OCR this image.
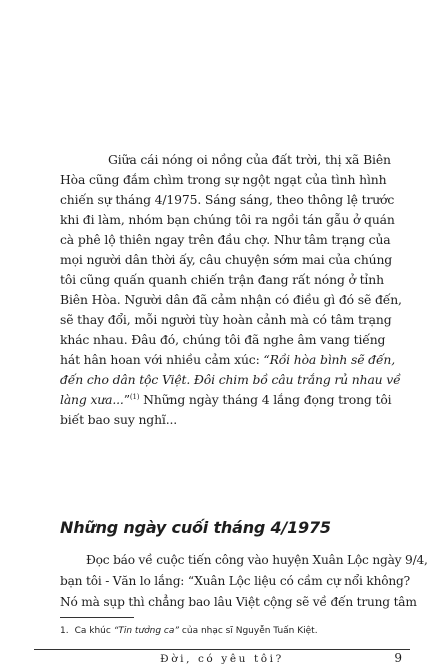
Giữa cái nóng oi nồng của đất trời, thị xã Biên
Hòa cũng đắm chìm trong sự ngột ngạt của tình hình
chiến sự tháng 4/1975. Sáng sáng, theo thông lệ trước
khi đi làm, nhóm bạn chúng tôi ra ngồi tán gẫu ở quán
cà phê lộ thiên ngay trên đầu chợ. Như tâm trạng của
mọi người dân thời ấy, câu chuyện sớm mai của chúng
tôi cũng quấn quanh chiến trận đang rất nóng ở tỉnh
Biên Hòa. Người dân đã cảm nhận có điều gì đó sẽ đến,
sẽ thay đổi, mỗi người tùy hoàn cảnh mà có tâm trạng
khác nhau. Đâu đó, chúng tôi đã nghe âm vang tiếng
hát hân hoan với nhiều cảm xúc: “Rồi hòa bình sẽ đến,
đến cho dân tộc Việt. Đôi chim bồ câu trắng rủ nhau về
làng xưa...”$^{(1)}$ Những ngày tháng 4 lắng đọng trong tôi
biết bao suy nghĩ...
Những ngày cuối tháng 4/1975
Đọc báo về cuộc tiến công vào huyện Xuân Lộc ngày 9/4,
bạn tôi - Văn lo lắng: “Xuân Lộc liệu có cầm cự nổi không?
Nó mà sụp thì chẳng bao lâu Việt cộng sẽ về đến trung tâm
1. Ca khúc “Tin tưởng ca” của nhạc sĩ Nguyễn Tuấn Kiệt.
Đời, có yêu tôi?	9
